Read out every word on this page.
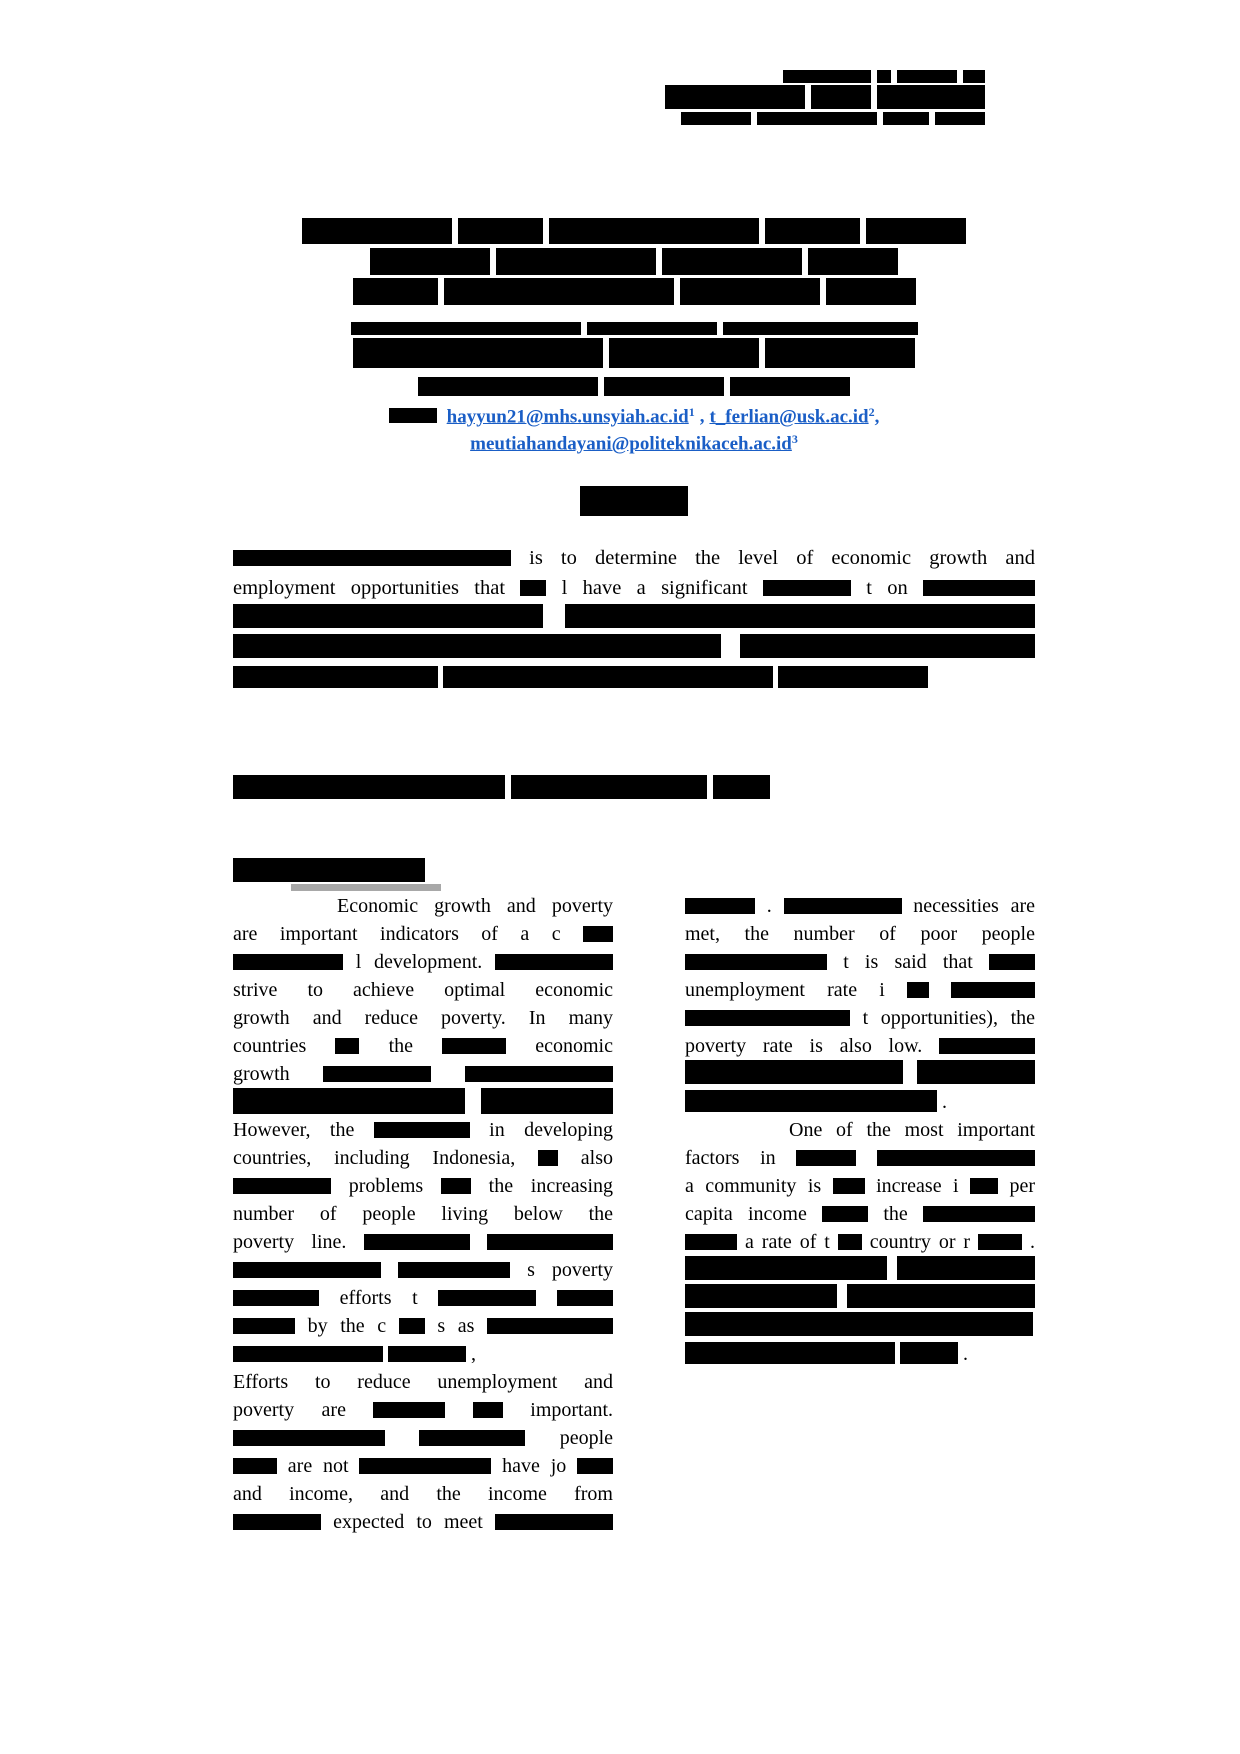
$hayyun21@mhs.unsyiah.ac.id^1$ , $t\_ferlian@usk.ac.id^2$,
$meutiahandayani@politeknikaceh.ac.id^3$
is to determine the level of economic growth and
employment opportunities that	l have a significant	t on

Economic growth and poverty
are important indicators of a c
l development.
strive to achieve optimal economic
growth and reduce poverty. In many
countries	the	economic
growth

However, the	in developing
countries, including Indonesia,	also
problems	the increasing
number of people living below the
poverty line.
s poverty
efforts t
by the c	s as
,
Efforts to reduce unemployment and
poverty are	important.
people
are not	have jo
and income, and the income from
expected to meet
.	necessities are
met, the number of poor people
t is said that
unemployment rate i
t opportunities), the
poverty rate is also low.

.
One of the most important
factors in
a community is	increase i	per
capita income	the
a rate of t country or r	.

.
